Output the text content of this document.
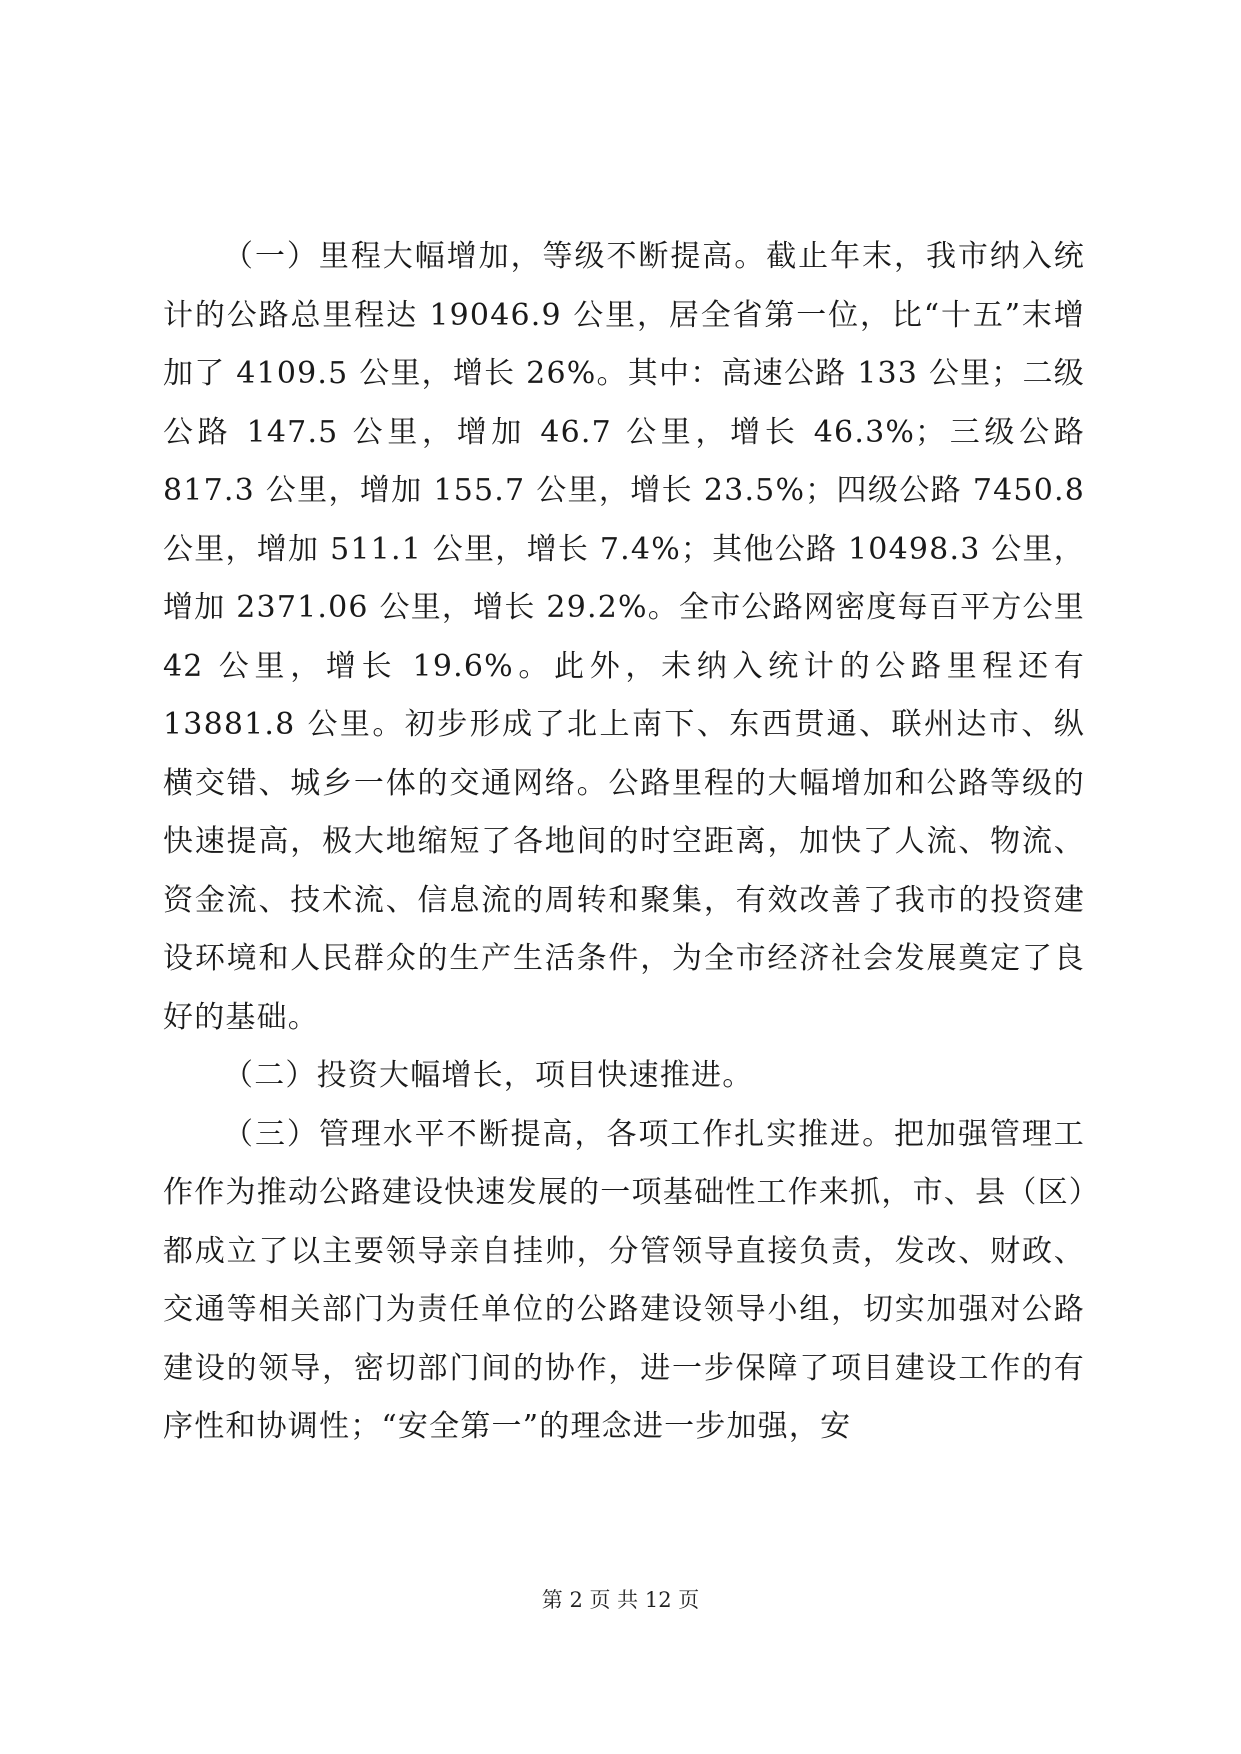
（一）里程大幅增加，等级不断提高。截止年末，我市纳入统计的公路总里程达 19046.9 公里，居全省第一位，比“十五”末增加了 4109.5 公里，增长 26%。其中：高速公路 133 公里；二级公路 147.5 公里，增加 46.7 公里，增长 46.3%；三级公路817.3 公里，增加 155.7 公里，增长 23.5%；四级公路 7450.8 公里，增加 511.1 公里，增长 7.4%；其他公路 10498.3 公里，增加 2371.06 公里，增长 29.2%。全市公路网密度每百平方公里 42 公里，增长 19.6%。此外，未纳入统计的公路里程还有 13881.8 公里。初步形成了北上南下、东西贯通、联州达市、纵横交错、城乡一体的交通网络。公路里程的大幅增加和公路等级的快速提高，极大地缩短了各地间的时空距离，加快了人流、物流、资金流、技术流、信息流的周转和聚集，有效改善了我市的投资建设环境和人民群众的生产生活条件，为全市经济社会发展奠定了良好的基础。

（二）投资大幅增长，项目快速推进。

（三）管理水平不断提高，各项工作扎实推进。把加强管理工作作为推动公路建设快速发展的一项基础性工作来抓，市、县（区）都成立了以主要领导亲自挂帅，分管领导直接负责，发改、财政、交通等相关部门为责任单位的公路建设领导小组，切实加强对公路建设的领导，密切部门间的协作，进一步保障了项目建设工作的有序性和协调性；“安全第一”的理念进一步加强，安

第 2 页 共 12 页
